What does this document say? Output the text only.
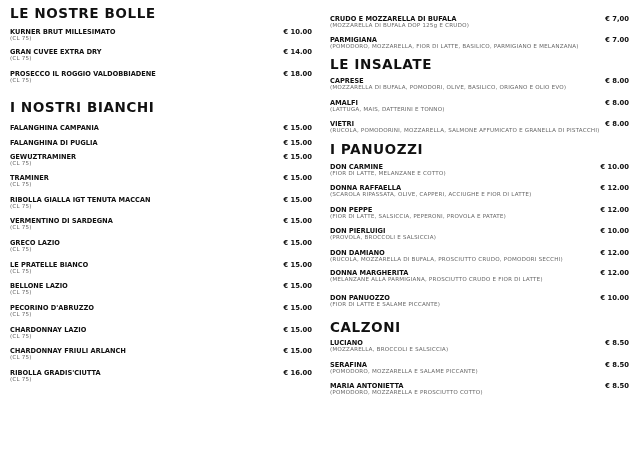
LE NOSTRE BOLLE
KURNER BRUT MILLESIMATO
(CL 75)
€ 10.00
GRAN CUVEE EXTRA DRY
(CL 75)
€ 14.00
PROSECCO IL ROGGIO VALDOBBIADENE
(CL 75)
€ 18.00
I NOSTRI BIANCHI
FALANGHINA CAMPANIA	€ 15.00
FALANGHINA DI PUGLIA	€ 15.00
GEWUZTRAMINER
(CL 75)
€ 15.00
TRAMINER
(CL 75)
€ 15.00
RIBOLLA GIALLA IGT TENUTA MACCAN
(CL 75)
€ 15.00
VERMENTINO DI SARDEGNA
(CL 75)
€ 15.00
GRECO LAZIO
(CL 75)
€ 15.00
LE PRATELLE BIANCO
(CL 75)
€ 15.00
BELLONE LAZIO
(CL 75)
€ 15.00
PECORINO D'ABRUZZO
(CL 75)
€ 15.00
CHARDONNAY LAZIO
(CL 75)
€ 15.00
CHARDONNAY FRIULI ARLANCH
(CL 75)
€ 15.00
RIBOLLA GRADIS'CIUTTA
(CL 75)
€ 16.00
CRUDO E MOZZARELLA DI BUFALA
(MOZZARELLA DI BUFALA DOP 125g E CRUDO)
€ 7,00
PARMIGIANA
(POMODORO, MOZZARELLA, FIOR DI LATTE, BASILICO, PARMIGIANO E MELANZANA)
€ 7.00
LE INSALATE
CAPRESE
(MOZZARELLA DI BUFALA, POMODORI, OLIVE, BASILICO, ORIGANO E OLIO EVO)
€ 8.00
AMALFI
(LATTUGA, MAIS, DATTERINI E TONNO)
€ 8.00
VIETRI
(RUCOLA, POMODORINI, MOZZARELLA, SALMONE AFFUMICATO E GRANELLA DI PISTACCHI)
€ 8.00
I PANUOZZI
DON CARMINE
(FIOR DI LATTE, MELANZANE E COTTO)
€ 10.00
DONNA RAFFAELLA
(SCAROLA RIPASSATA, OLIVE, CAPPERI, ACCIUGHE E FIOR DI LATTE)
€ 12.00
DON PEPPE
(FIOR DI LATTE, SALSICCIA, PEPERONI, PROVOLA E PATATE)
€ 12.00
DON PIERLUIGI
(PROVOLA, BROCCOLI E SALSICCIA)
€ 10.00
DON DAMIANO
(RUCOLA, MOZZARELLA DI BUFALA, PROSCIUTTO CRUDO, POMODORI SECCHI)
€ 12.00
DONNA MARGHERITA
(MELANZANE ALLA PARMIGIANA, PROSCIUTTO CRUDO E FIOR DI LATTE)
€ 12.00
DON PANUOZZO
(FIOR DI LATTE E SALAME PICCANTE)
€ 10.00
CALZONI
LUCIANO
(MOZZARELLA, BROCCOLI E SALSICCIA)
€ 8.50
SERAFINA
(POMODORO, MOZZARELLA E SALAME PICCANTE)
€ 8.50
MARIA ANTONIETTA
(POMODORO, MOZZARELLA E PROSCIUTTO COTTO)
€ 8.50
